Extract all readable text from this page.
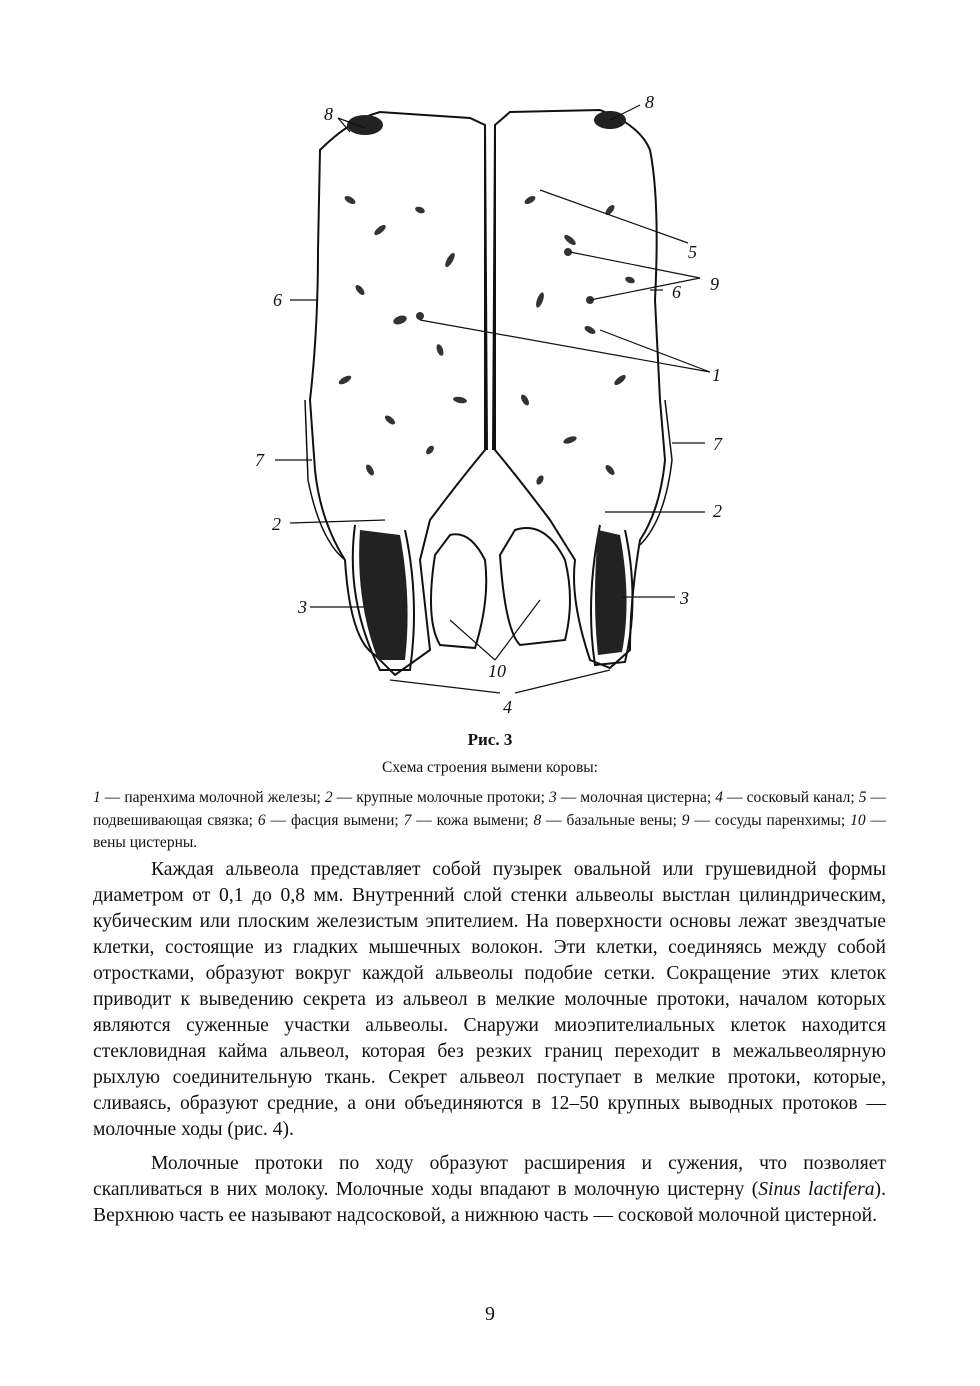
8
8
5
9
6	6
1
7
7
2
2
3	3
10
4
Рис. 3
Схема строения вымени коровы:
1 — паренхима молочной железы; 2 — крупные молочные протоки; 3 — молочная цистерна; 4 — сосковый канал; 5 — подвешивающая связка; 6 — фасция вымени; 7 — кожа вымени; 8 — базальные вены; 9 — сосуды паренхимы; 10 — вены цистерны.

Каждая альвеола представляет собой пузырек овальной или грушевидной формы диаметром от 0,1 до 0,8 мм. Внутренний слой стенки альвеолы выстлан цилиндрическим, кубическим или плоским железистым эпителием. На поверхности основы лежат звездчатые клетки, состоящие из гладких мышечных волокон. Эти клетки, соединяясь между собой отростками, образуют вокруг каждой альвеолы подобие сетки. Сокращение этих клеток приводит к выведению секрета из альвеол в мелкие молочные протоки, началом которых являются суженные участки альвеолы. Снаружи миоэпителиальных клеток находится стекловидная кайма альвеол, которая без резких границ переходит в межальвеолярную рыхлую соединительную ткань. Секрет альвеол поступает в мелкие протоки, которые, сливаясь, образуют средние, а они объединяются в 12–50 крупных выводных протоков — молочные ходы (рис. 4).

Молочные протоки по ходу образуют расширения и сужения, что позволяет скапливаться в них молоку. Молочные ходы впадают в молочную цистерну (Sinus lactifera). Верхнюю часть ее называют надсосковой, а нижнюю часть — сосковой молочной цистерной.

9
